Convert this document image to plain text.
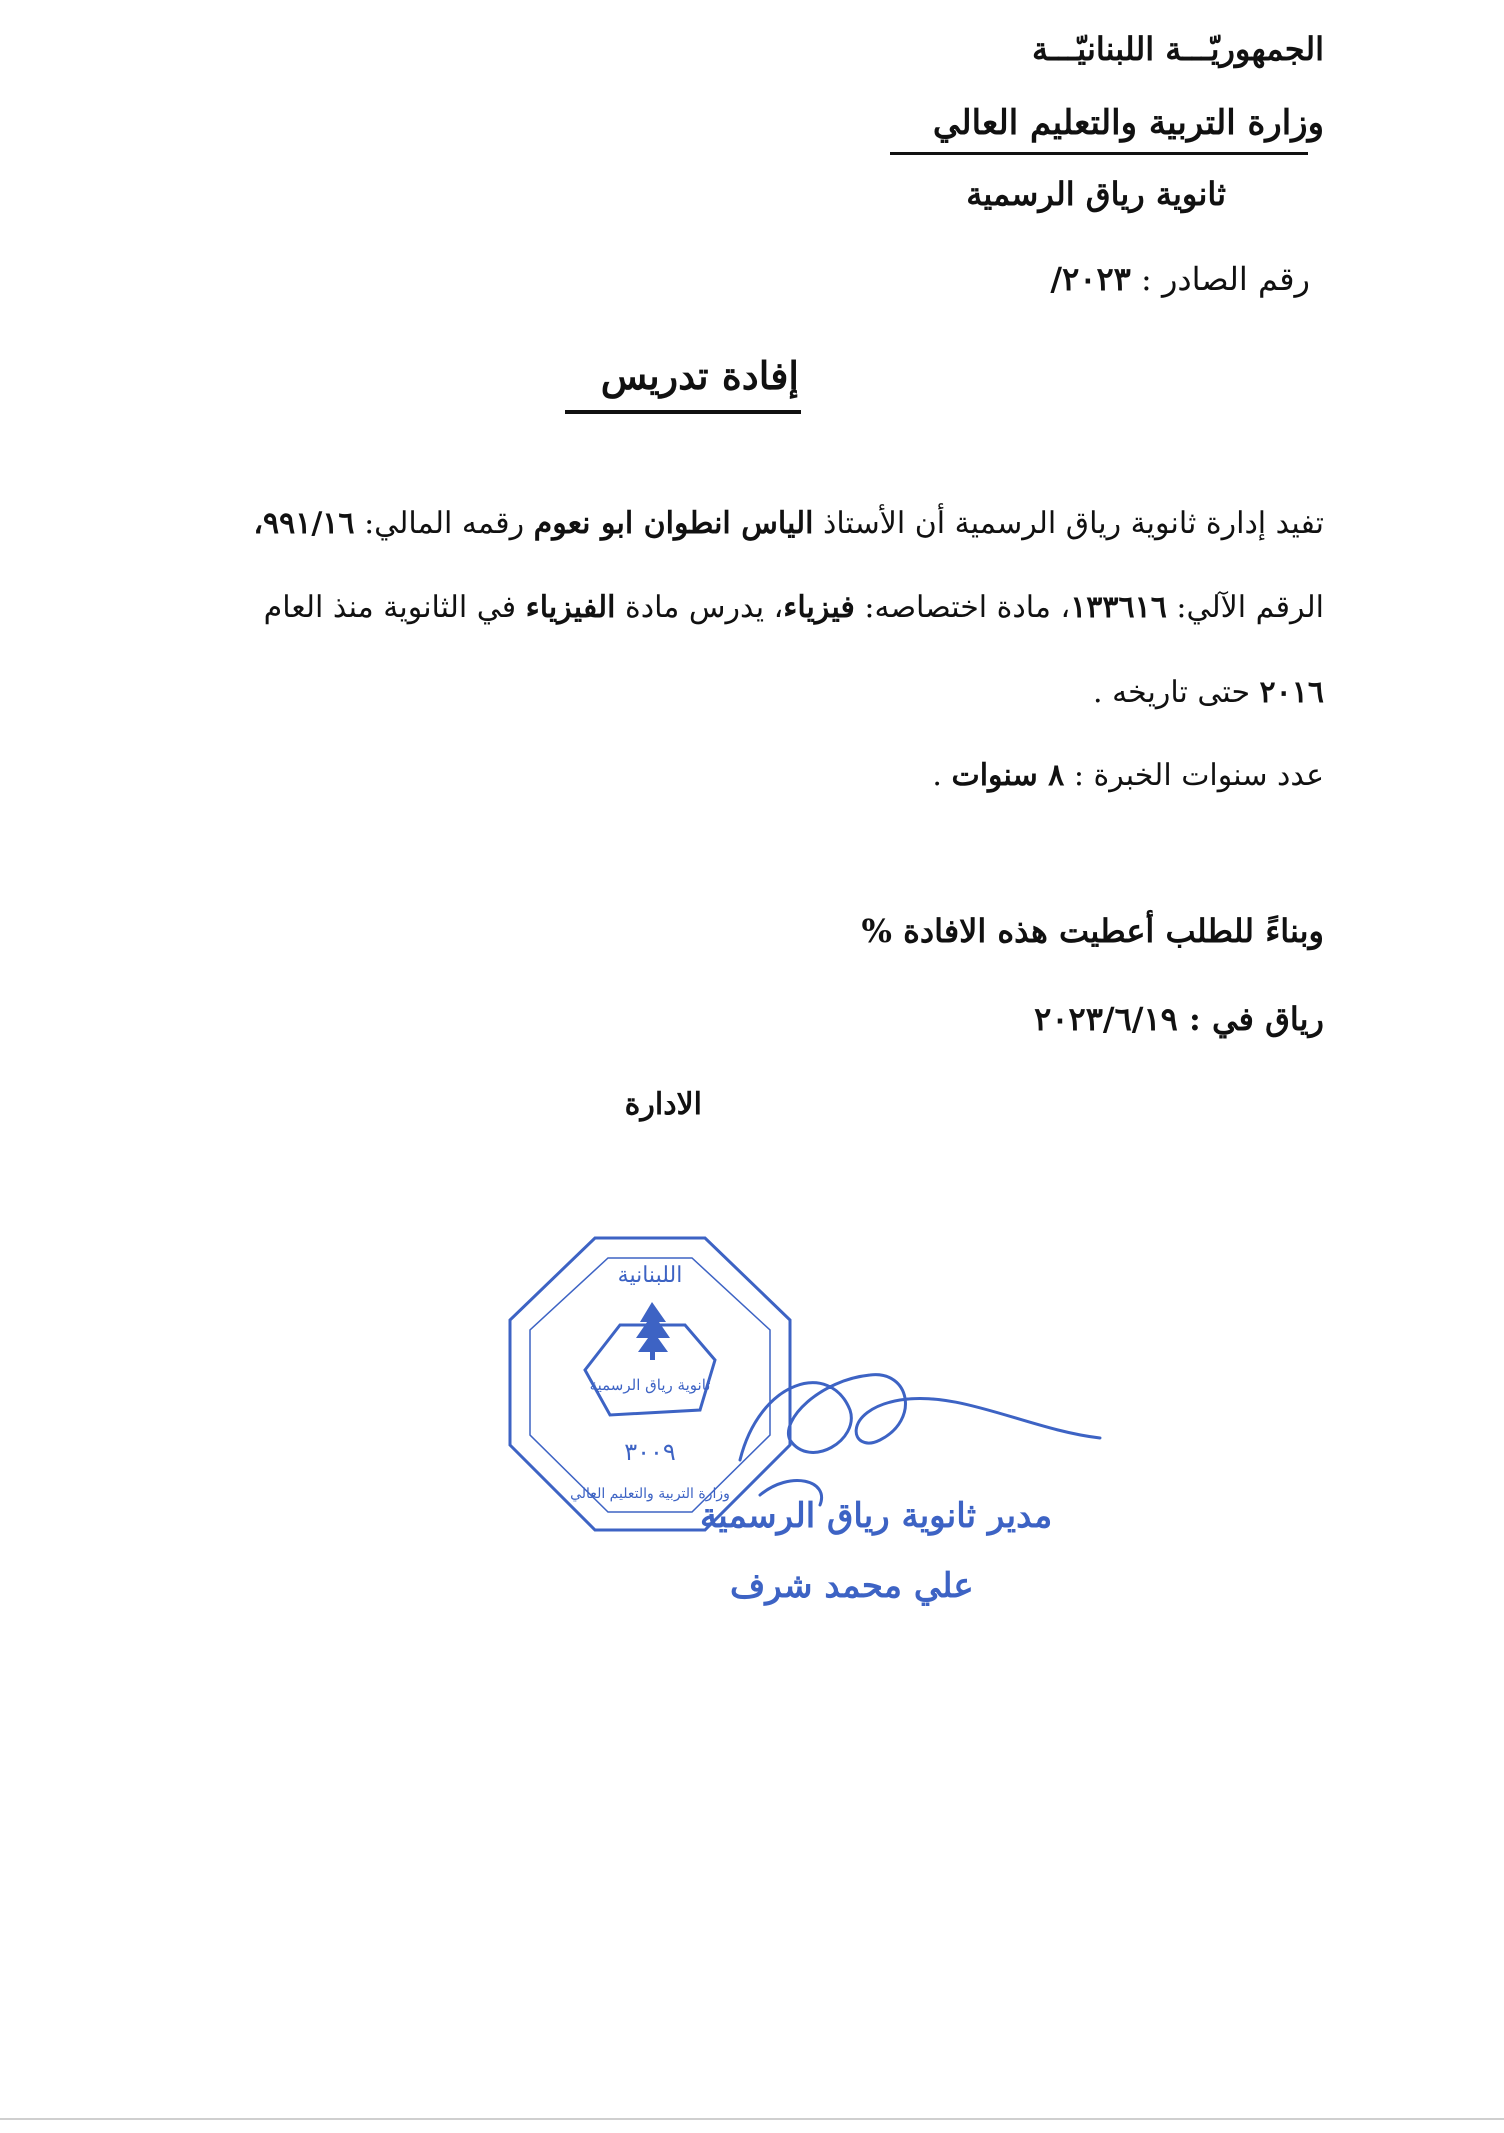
الجمهوريّـــة اللبنانيّـــة
وزارة التربية والتعليم العالي
ثانوية رياق الرسمية
رقم الصادر : ٢٠٢٣/
إفادة تدريس
تفيد إدارة ثانوية رياق الرسمية أن الأستاذ الياس انطوان ابو نعوم رقمه المالي: ٩٩١/١٦،
الرقم الآلي: ١٣٣٦١٦، مادة اختصاصه: فيزياء، يدرس مادة الفيزياء في الثانوية منذ العام
٢٠١٦ حتى تاريخه .
عدد سنوات الخبرة : ٨ سنوات .
وبناءً للطلب أعطيت هذه الافادة %
رياق في : ٢٠٢٣/٦/١٩
الادارة
اللبنانية
ثانوية رياق الرسمية
٣٠٠٩
وزارة التربية والتعليم العالي
مدير ثانوية رياق الرسمية
علي محمد شرف
